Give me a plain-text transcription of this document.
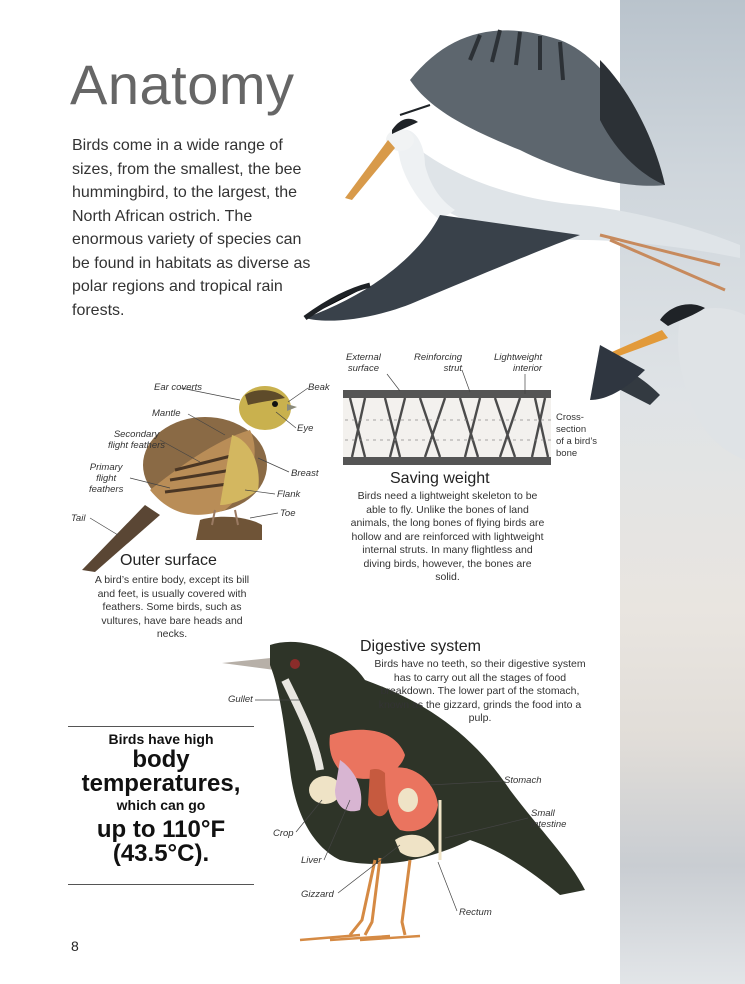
Anatomy
Birds come in a wide range of sizes, from the smallest, the bee hummingbird, to the largest, the North African ostrich. The enormous variety of species can be found in habitats as diverse as polar regions and tropical rain forests.
Ear coverts	Beak
Mantle
Eye
Secondary
flight feathers
Primary
flight
feathers
Breast
Flank
Tail	Toe
Outer surface
A bird’s entire body, except its bill and feet, is usually covered with feathers. Some birds, such as vultures, have bare heads and necks.
External
surface
Reinforcing
strut
Lightweight
interior
Cross-
section
of a bird’s
bone
Saving weight
Birds need a lightweight skeleton to be able to fly. Unlike the bones of land animals, the long bones of flying birds are hollow and are reinforced with lightweight internal struts. In many flightless and diving birds, however, the bones are solid.
Gullet
Stomach
Small
intestine
Crop
Liver
Gizzard
Rectum
Digestive system
Birds have no teeth, so their digestive system has to carry out all the stages of food breakdown. The lower part of the stomach, known as the gizzard, grinds the food into a pulp.
Birds have high
body
temperatures,
which can go
up to 110°F
(43.5°C).
8
